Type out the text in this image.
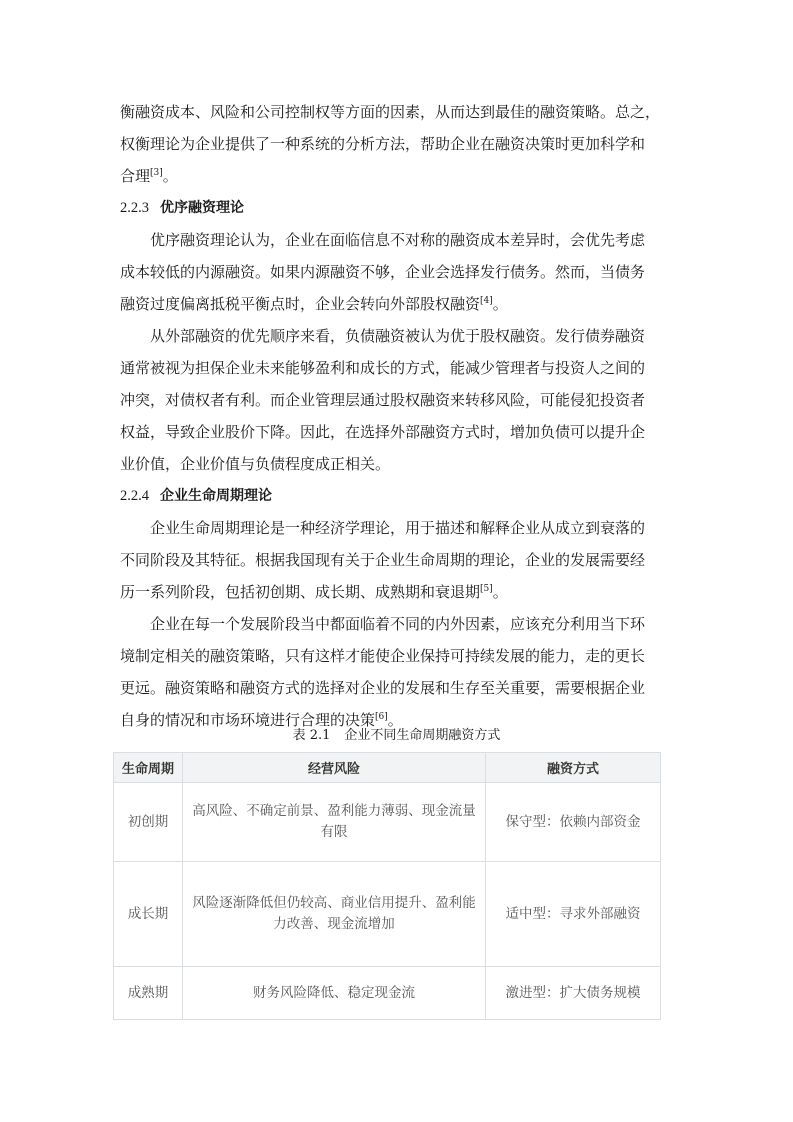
衡融资成本、风险和公司控制权等方面的因素，从而达到最佳的融资策略。总之，
权衡理论为企业提供了一种系统的分析方法，帮助企业在融资决策时更加科学和
合理[3]。
2.2.3 优序融资理论
优序融资理论认为，企业在面临信息不对称的融资成本差异时，会优先考虑
成本较低的内源融资。如果内源融资不够，企业会选择发行债务。然而，当债务
融资过度偏离抵税平衡点时，企业会转向外部股权融资[4]。
从外部融资的优先顺序来看，负债融资被认为优于股权融资。发行债券融资
通常被视为担保企业未来能够盈利和成长的方式，能减少管理者与投资人之间的
冲突，对债权者有利。而企业管理层通过股权融资来转移风险，可能侵犯投资者
权益，导致企业股价下降。因此，在选择外部融资方式时，增加负债可以提升企
业价值，企业价值与负债程度成正相关。
2.2.4 企业生命周期理论
企业生命周期理论是一种经济学理论，用于描述和解释企业从成立到衰落的
不同阶段及其特征。根据我国现有关于企业生命周期的理论，企业的发展需要经
历一系列阶段，包括初创期、成长期、成熟期和衰退期[5]。
企业在每一个发展阶段当中都面临着不同的内外因素，应该充分利用当下环
境制定相关的融资策略，只有这样才能使企业保持可持续发展的能力，走的更长
更远。融资策略和融资方式的选择对企业的发展和生存至关重要，需要根据企业
自身的情况和市场环境进行合理的决策[6]。
表 2.1 企业不同生命周期融资方式
生命周期	经营风险	融资方式
初创期	高风险、不确定前景、盈利能力薄弱、现金流量有限	保守型：依赖内部资金
成长期	风险逐渐降低但仍较高、商业信用提升、盈利能力改善、现金流增加	适中型：寻求外部融资
成熟期	财务风险降低、稳定现金流	激进型：扩大债务规模
